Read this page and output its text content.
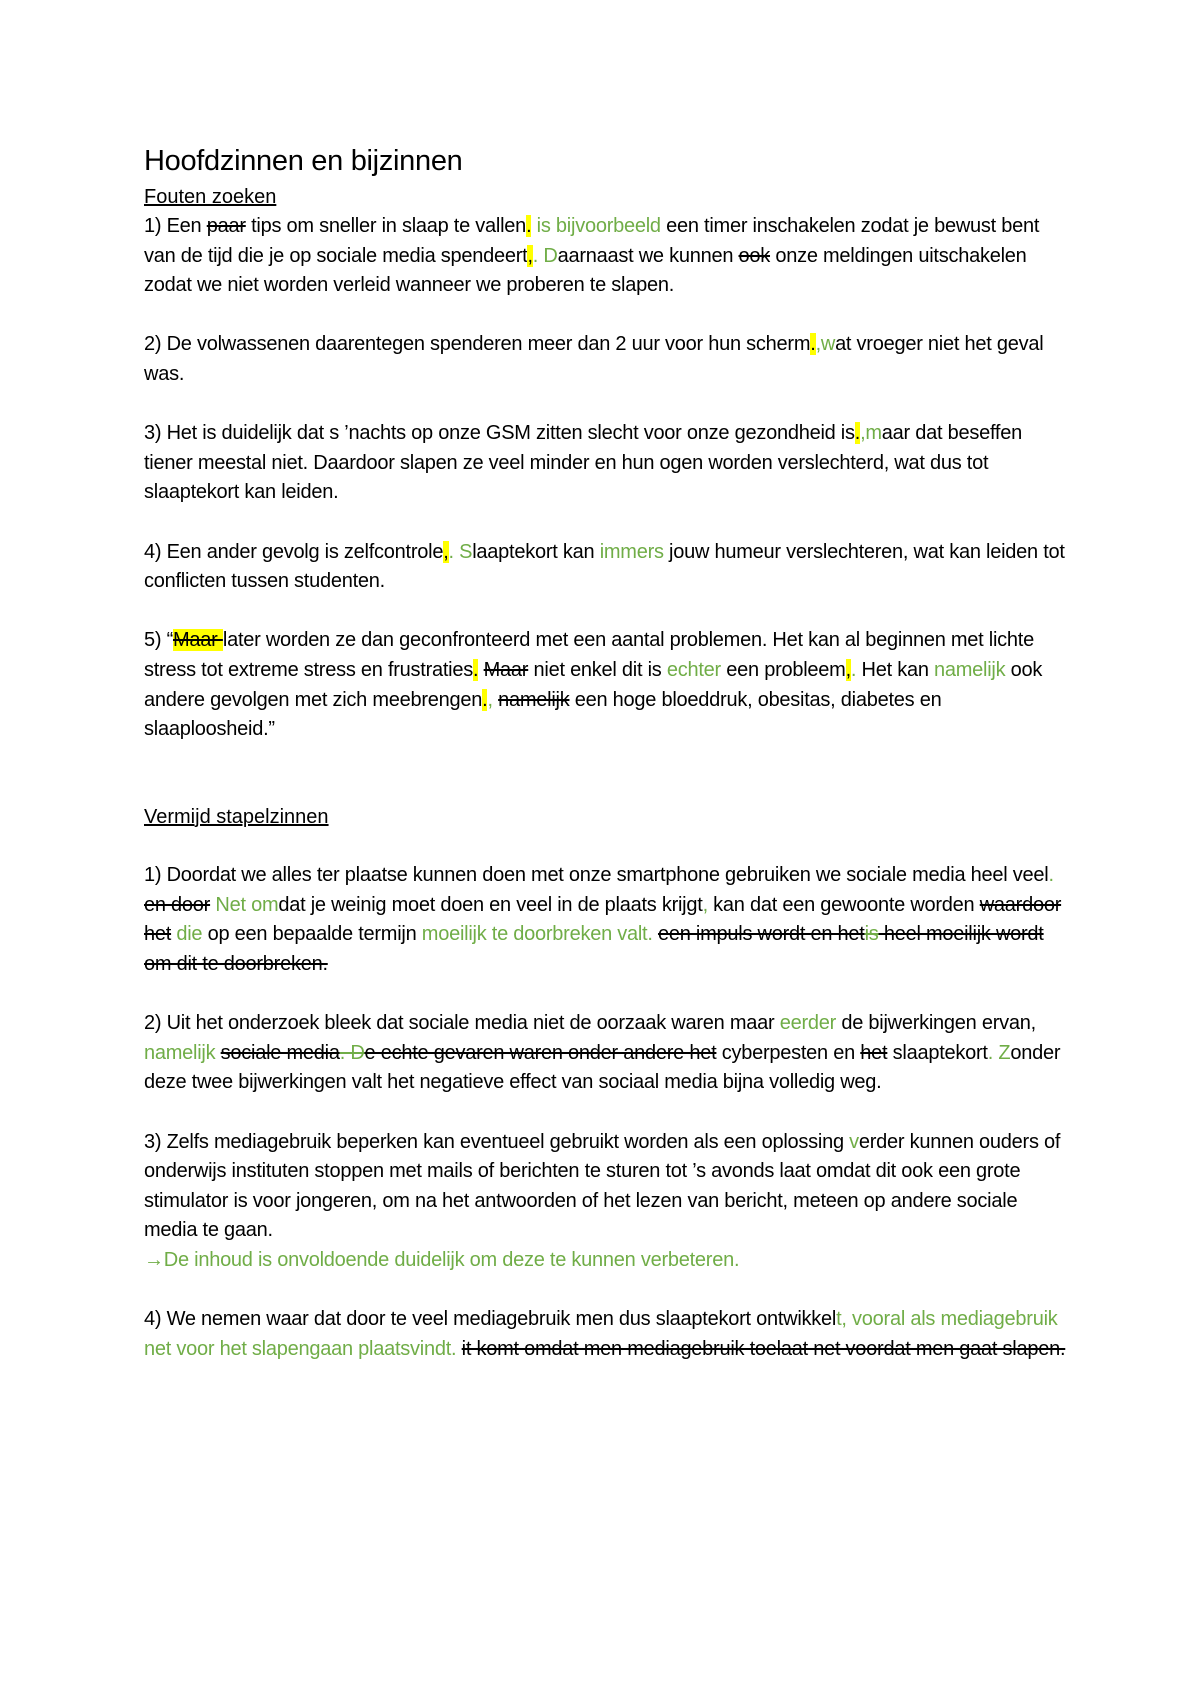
Hoofdzinnen en bijzinnen
Fouten zoeken

1) Een paar tips om sneller in slaap te vallen. is bijvoorbeeld een timer inschakelen zodat je bewust bent van de tijd die je op sociale media spendeert,. Daarnaast we kunnen ook onze meldingen uitschakelen zodat we niet worden verleid wanneer we proberen te slapen.

2) De volwassenen daarentegen spenderen meer dan 2 uur voor hun scherm.,wat vroeger niet het geval was.

3) Het is duidelijk dat s ’nachts op onze GSM zitten slecht voor onze gezondheid is.,maar dat beseffen tiener meestal niet. Daardoor slapen ze veel minder en hun ogen worden verslechterd, wat dus tot slaaptekort kan leiden.

4) Een ander gevolg is zelfcontrole,. Slaaptekort kan immers jouw humeur verslechteren, wat kan leiden tot conflicten tussen studenten.

5) “Maar later worden ze dan geconfronteerd met een aantal problemen. Het kan al beginnen met lichte stress tot extreme stress en frustraties. Maar niet enkel dit is echter een probleem,. Het kan namelijk ook andere gevolgen met zich meebrengen., namelijk een hoge bloeddruk, obesitas, diabetes en slaaploosheid.”

Vermijd stapelzinnen

1) Doordat we alles ter plaatse kunnen doen met onze smartphone gebruiken we sociale media heel veel. en door Net omdat je weinig moet doen en veel in de plaats krijgt, kan dat een gewoonte worden waardoor het die op een bepaalde termijn moeilijk te doorbreken valt. een impuls wordt en hetis heel moeilijk wordt om dit te doorbreken.

2) Uit het onderzoek bleek dat sociale media niet de oorzaak waren maar eerder de bijwerkingen ervan, namelijk sociale media. De echte gevaren waren onder andere het cyberpesten en het slaaptekort. Zonder deze twee bijwerkingen valt het negatieve effect van sociaal media bijna volledig weg.

3) Zelfs mediagebruik beperken kan eventueel gebruikt worden als een oplossing verder kunnen ouders of onderwijs instituten stoppen met mails of berichten te sturen tot ’s avonds laat omdat dit ook een grote stimulator is voor jongeren, om na het antwoorden of het lezen van bericht, meteen op andere sociale media te gaan.
→De inhoud is onvoldoende duidelijk om deze te kunnen verbeteren.

4) We nemen waar dat door te veel mediagebruik men dus slaaptekort ontwikkelt, vooral als mediagebruik net voor het slapengaan plaatsvindt. it komt omdat men mediagebruik toelaat net voordat men gaat slapen.
